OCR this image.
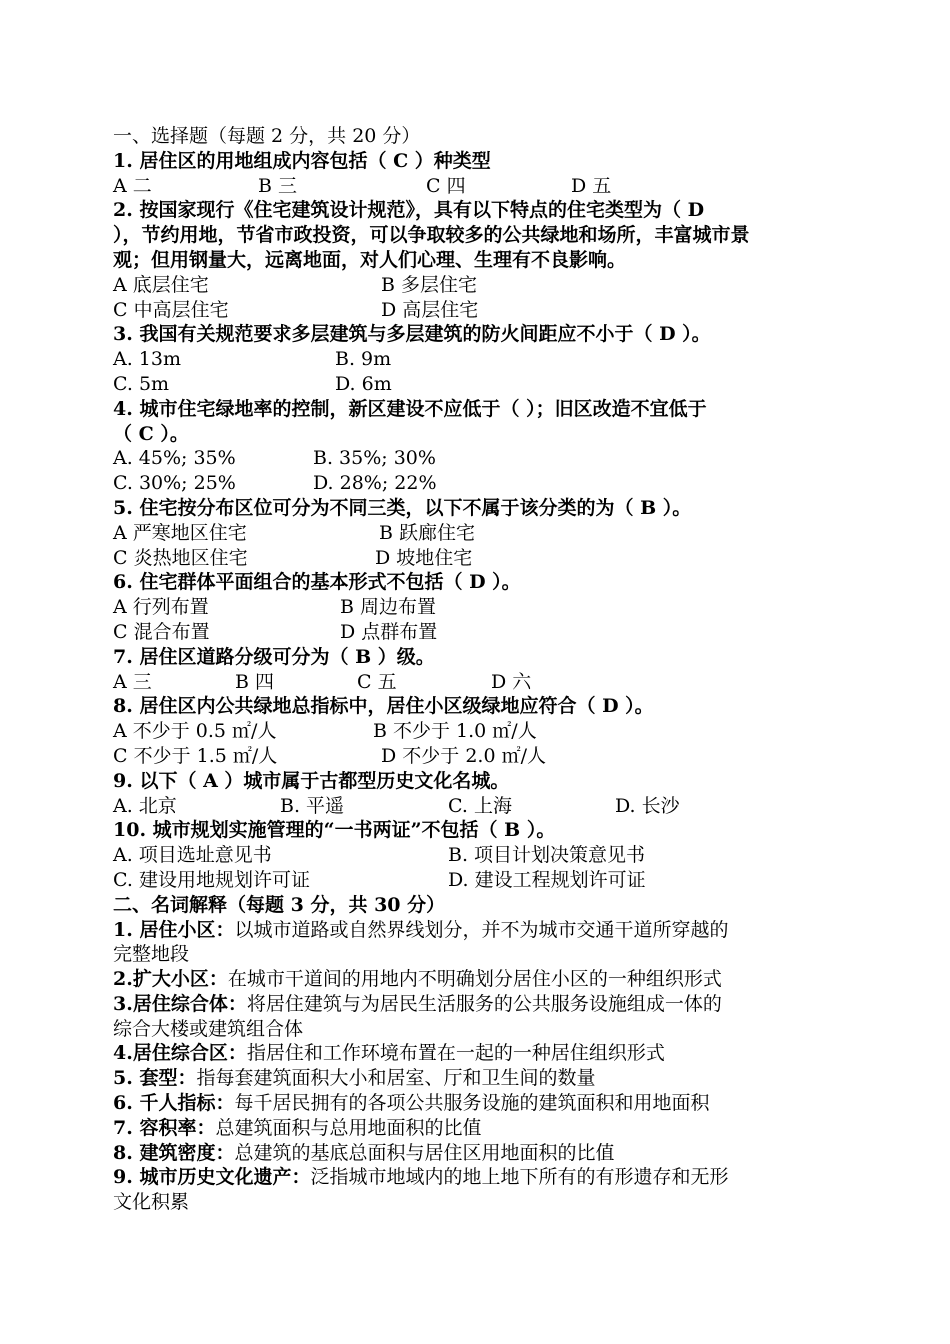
一、选择题（每题 2 分，共 20 分）
1. 居住区的用地组成内容包括（ C ）种类型
A 二	B 三	C 四	D 五
2. 按国家现行《住宅建筑设计规范》，具有以下特点的住宅类型为（ D
），节约用地，节省市政投资，可以争取较多的公共绿地和场所，丰富城市景
观；但用钢量大，远离地面，对人们心理、生理有不良影响。
A 底层住宅	B 多层住宅
C 中高层住宅	D 高层住宅
3. 我国有关规范要求多层建筑与多层建筑的防火间距应不小于（ D ）。
A. 13m	B. 9m
C. 5m	D. 6m
4. 城市住宅绿地率的控制，新区建设不应低于（ ）；旧区改造不宜低于
（ C ）。
A. 45%; 35%	B. 35%; 30%
C. 30%; 25%	D. 28%; 22%
5. 住宅按分布区位可分为不同三类，以下不属于该分类的为（ B ）。
A 严寒地区住宅	B 跃廊住宅
C 炎热地区住宅	D 坡地住宅
6. 住宅群体平面组合的基本形式不包括（ D ）。
A 行列布置	B 周边布置
C 混合布置	D 点群布置
7. 居住区道路分级可分为（ B ）级。
A 三	B 四	C 五	D 六
8. 居住区内公共绿地总指标中，居住小区级绿地应符合（ D ）。
A 不少于 0.5 ㎡/人	B 不少于 1.0 ㎡/人
C 不少于 1.5 ㎡/人	D 不少于 2.0 ㎡/人
9. 以下（ A ）城市属于古都型历史文化名城。
A. 北京	B. 平遥	C. 上海	D. 长沙
10. 城市规划实施管理的“一书两证”不包括（ B ）。
A. 项目选址意见书	B. 项目计划决策意见书
C. 建设用地规划许可证	D. 建设工程规划许可证
二、名词解释（每题 3 分，共 30 分）
1. 居住小区：以城市道路或自然界线划分，并不为城市交通干道所穿越的
完整地段
2.扩大小区：在城市干道间的用地内不明确划分居住小区的一种组织形式
3.居住综合体：将居住建筑与为居民生活服务的公共服务设施组成一体的
综合大楼或建筑组合体
4.居住综合区：指居住和工作环境布置在一起的一种居住组织形式
5. 套型：指每套建筑面积大小和居室、厅和卫生间的数量
6. 千人指标：每千居民拥有的各项公共服务设施的建筑面积和用地面积
7. 容积率：总建筑面积与总用地面积的比值
8. 建筑密度：总建筑的基底总面积与居住区用地面积的比值
9. 城市历史文化遗产：泛指城市地域内的地上地下所有的有形遗存和无形
文化积累
